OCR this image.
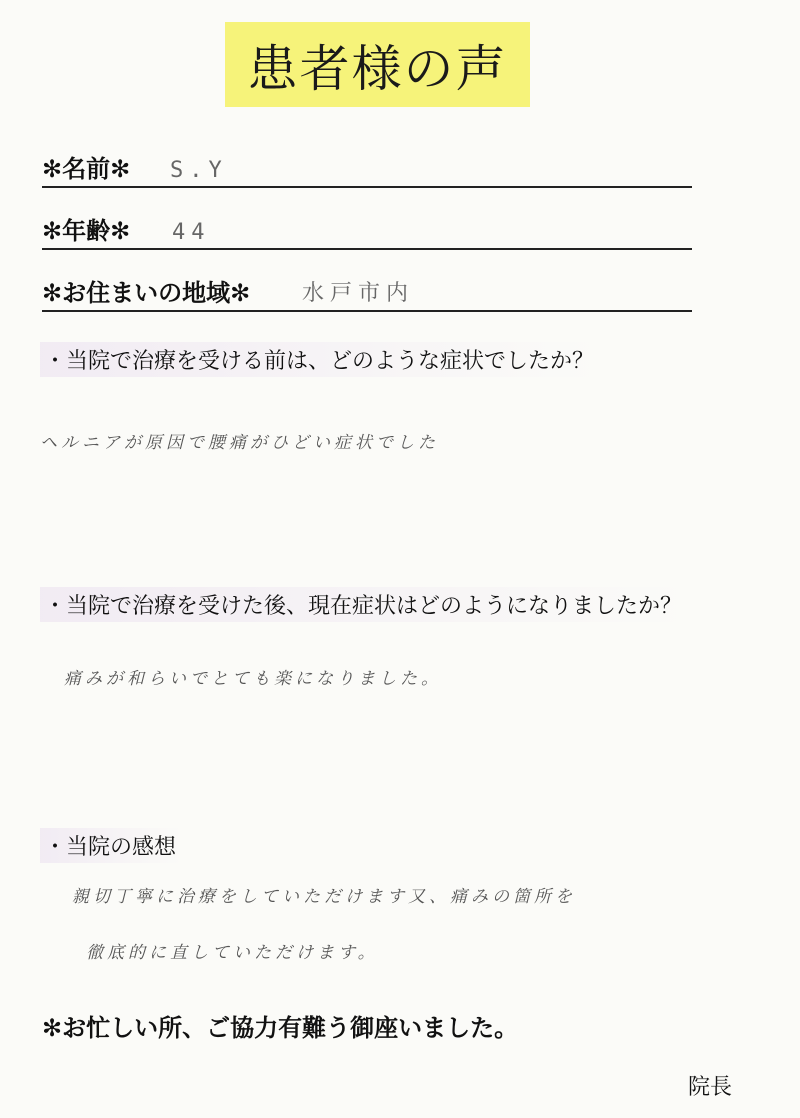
患者様の声
✻名前✻ S.Y
✻年齢✻ 44
✻お住まいの地域✻ 水戸市内
・当院で治療を受ける前は、どのような症状でしたか？
ヘルニアが原因で腰痛がひどい症状でした
・当院で治療を受けた後、現在症状はどのようになりましたか？
痛みが和らいでとても楽になりました。
・当院の感想
親切丁寧に治療をしていただけます又、痛みの箇所を
徹底的に直していただけます。
✻お忙しい所、ご協力有難う御座いました。
院長
